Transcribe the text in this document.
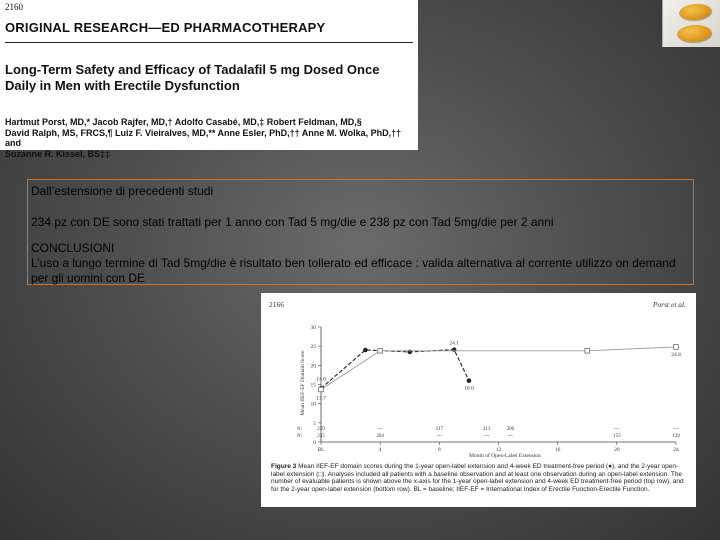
2160
ORIGINAL RESEARCH—ED PHARMACOTHERAPY
Long-Term Safety and Efficacy of Tadalafil 5 mg Dosed Once
Daily in Men with Erectile Dysfunction
Hartmut Porst, MD,* Jacob Rajfer, MD,† Adolfo Casabé, MD,‡ Robert Feldman, MD,§
David Ralph, MS, FRCS,¶ Luiz F. Vieiralves, MD,** Anne Esler, PhD,†† Anne M. Wolka, PhD,†† and
Suzanne R. Kissel, BS‡‡

Dall’estensione di precedenti studi

234 pz con DE sono stati trattati per 1 anno con Tad 5 mg/die e 238 pz con Tad 5mg/die per 2 anni

CONCLUSIONI

L’uso a lungo termine di Tad 5mg/die è risultato ben tollerato ed efficace : valida alternativa al corrente utilizzo on demand per gli uomini con DE

2166	Porst et al.
Mean IIEF-EF Domain Score
Month of Open-Label Extension
0
5
10
15
20
25
30
BL	4	8	12	16	20	24
14.0
13.7
24.1
16.0
24.8
N:	229	---	217	213	206	---	---
N:	235	204	---	---	---	153	139
Figure 3 Mean IIEF-EF domain scores during the 1-year open-label extension and 4-week ED treatment-free period (●), and the 2-year open-label extension (□). Analyses included all patients with a baseline observation and at least one observation during an open-label extension. The number of evaluable patients is shown above the x-axis for the 1-year open-label extension and 4-week ED treatment-free period (top row), and for the 2-year open-label extension (bottom row). BL = baseline; IIEF-EF = International Index of Erectile Function-Erectile Function.
